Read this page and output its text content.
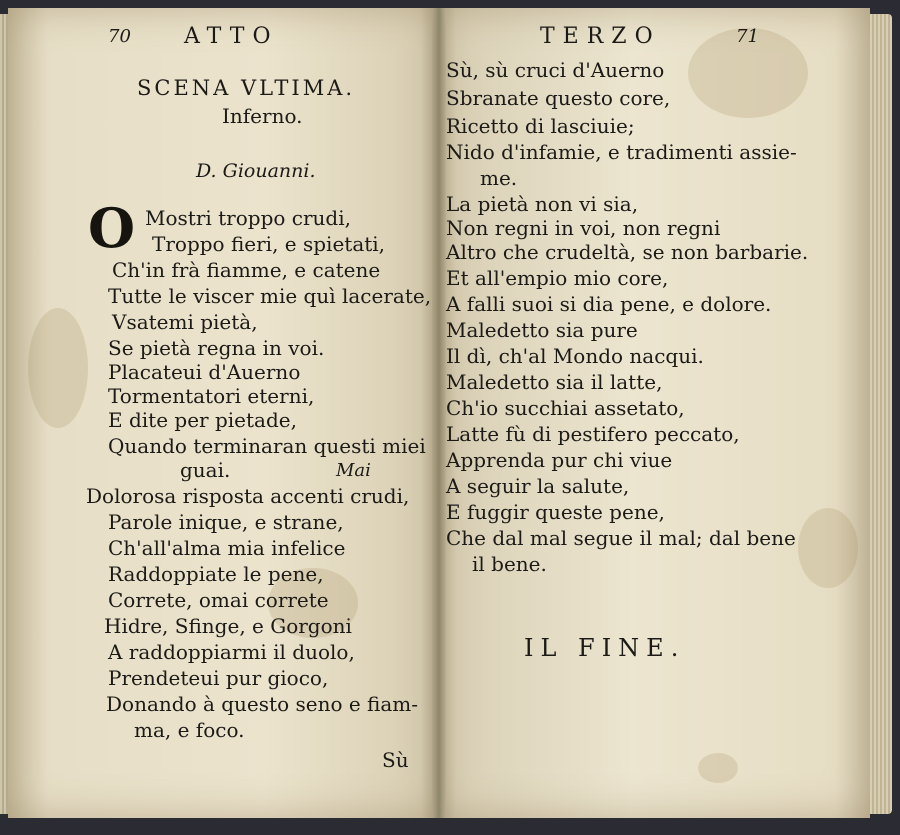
70 ATTO
SCENA VLTIMA.
Inferno.
D. Giouanni.
O Mostri troppo crudi,
Troppo fieri, e spietati,
Ch'in frà fiamme, e catene
Tutte le viscer mie quì lacerate,
Vsatemi pietà,
Se pietà regna in voi.
Placateui d'Auerno
Tormentatori eterni,
E dite per pietade,
Quando terminaran questi miei
guai.	Mai
Dolorosa risposta accenti crudi,
Parole inique, e strane,
Ch'all'alma mia infelice
Raddoppiate le pene,
Correte, omai correte
Hidre, Sfinge, e Gorgoni
A raddoppiarmi il duolo,
Prendeteui pur gioco,
Donando à questo seno e fiam-
ma, e foco.
Sù
TERZO	71
Sù, sù cruci d'Auerno
Sbranate questo core,
Ricetto di lasciuie;
Nido d'infamie, e tradimenti assie-
me.
La pietà non vi sia,
Non regni in voi, non regni
Altro che crudeltà, se non barbarie.
Et all'empio mio core,
A falli suoi si dia pene, e dolore.
Maledetto sia pure
Il dì, ch'al Mondo nacqui.
Maledetto sia il latte,
Ch'io succhiai assetato,
Latte fù di pestifero peccato,
Apprenda pur chi viue
A seguir la salute,
E fuggir queste pene,
Che dal mal segue il mal; dal bene
il bene.
IL FINE.
